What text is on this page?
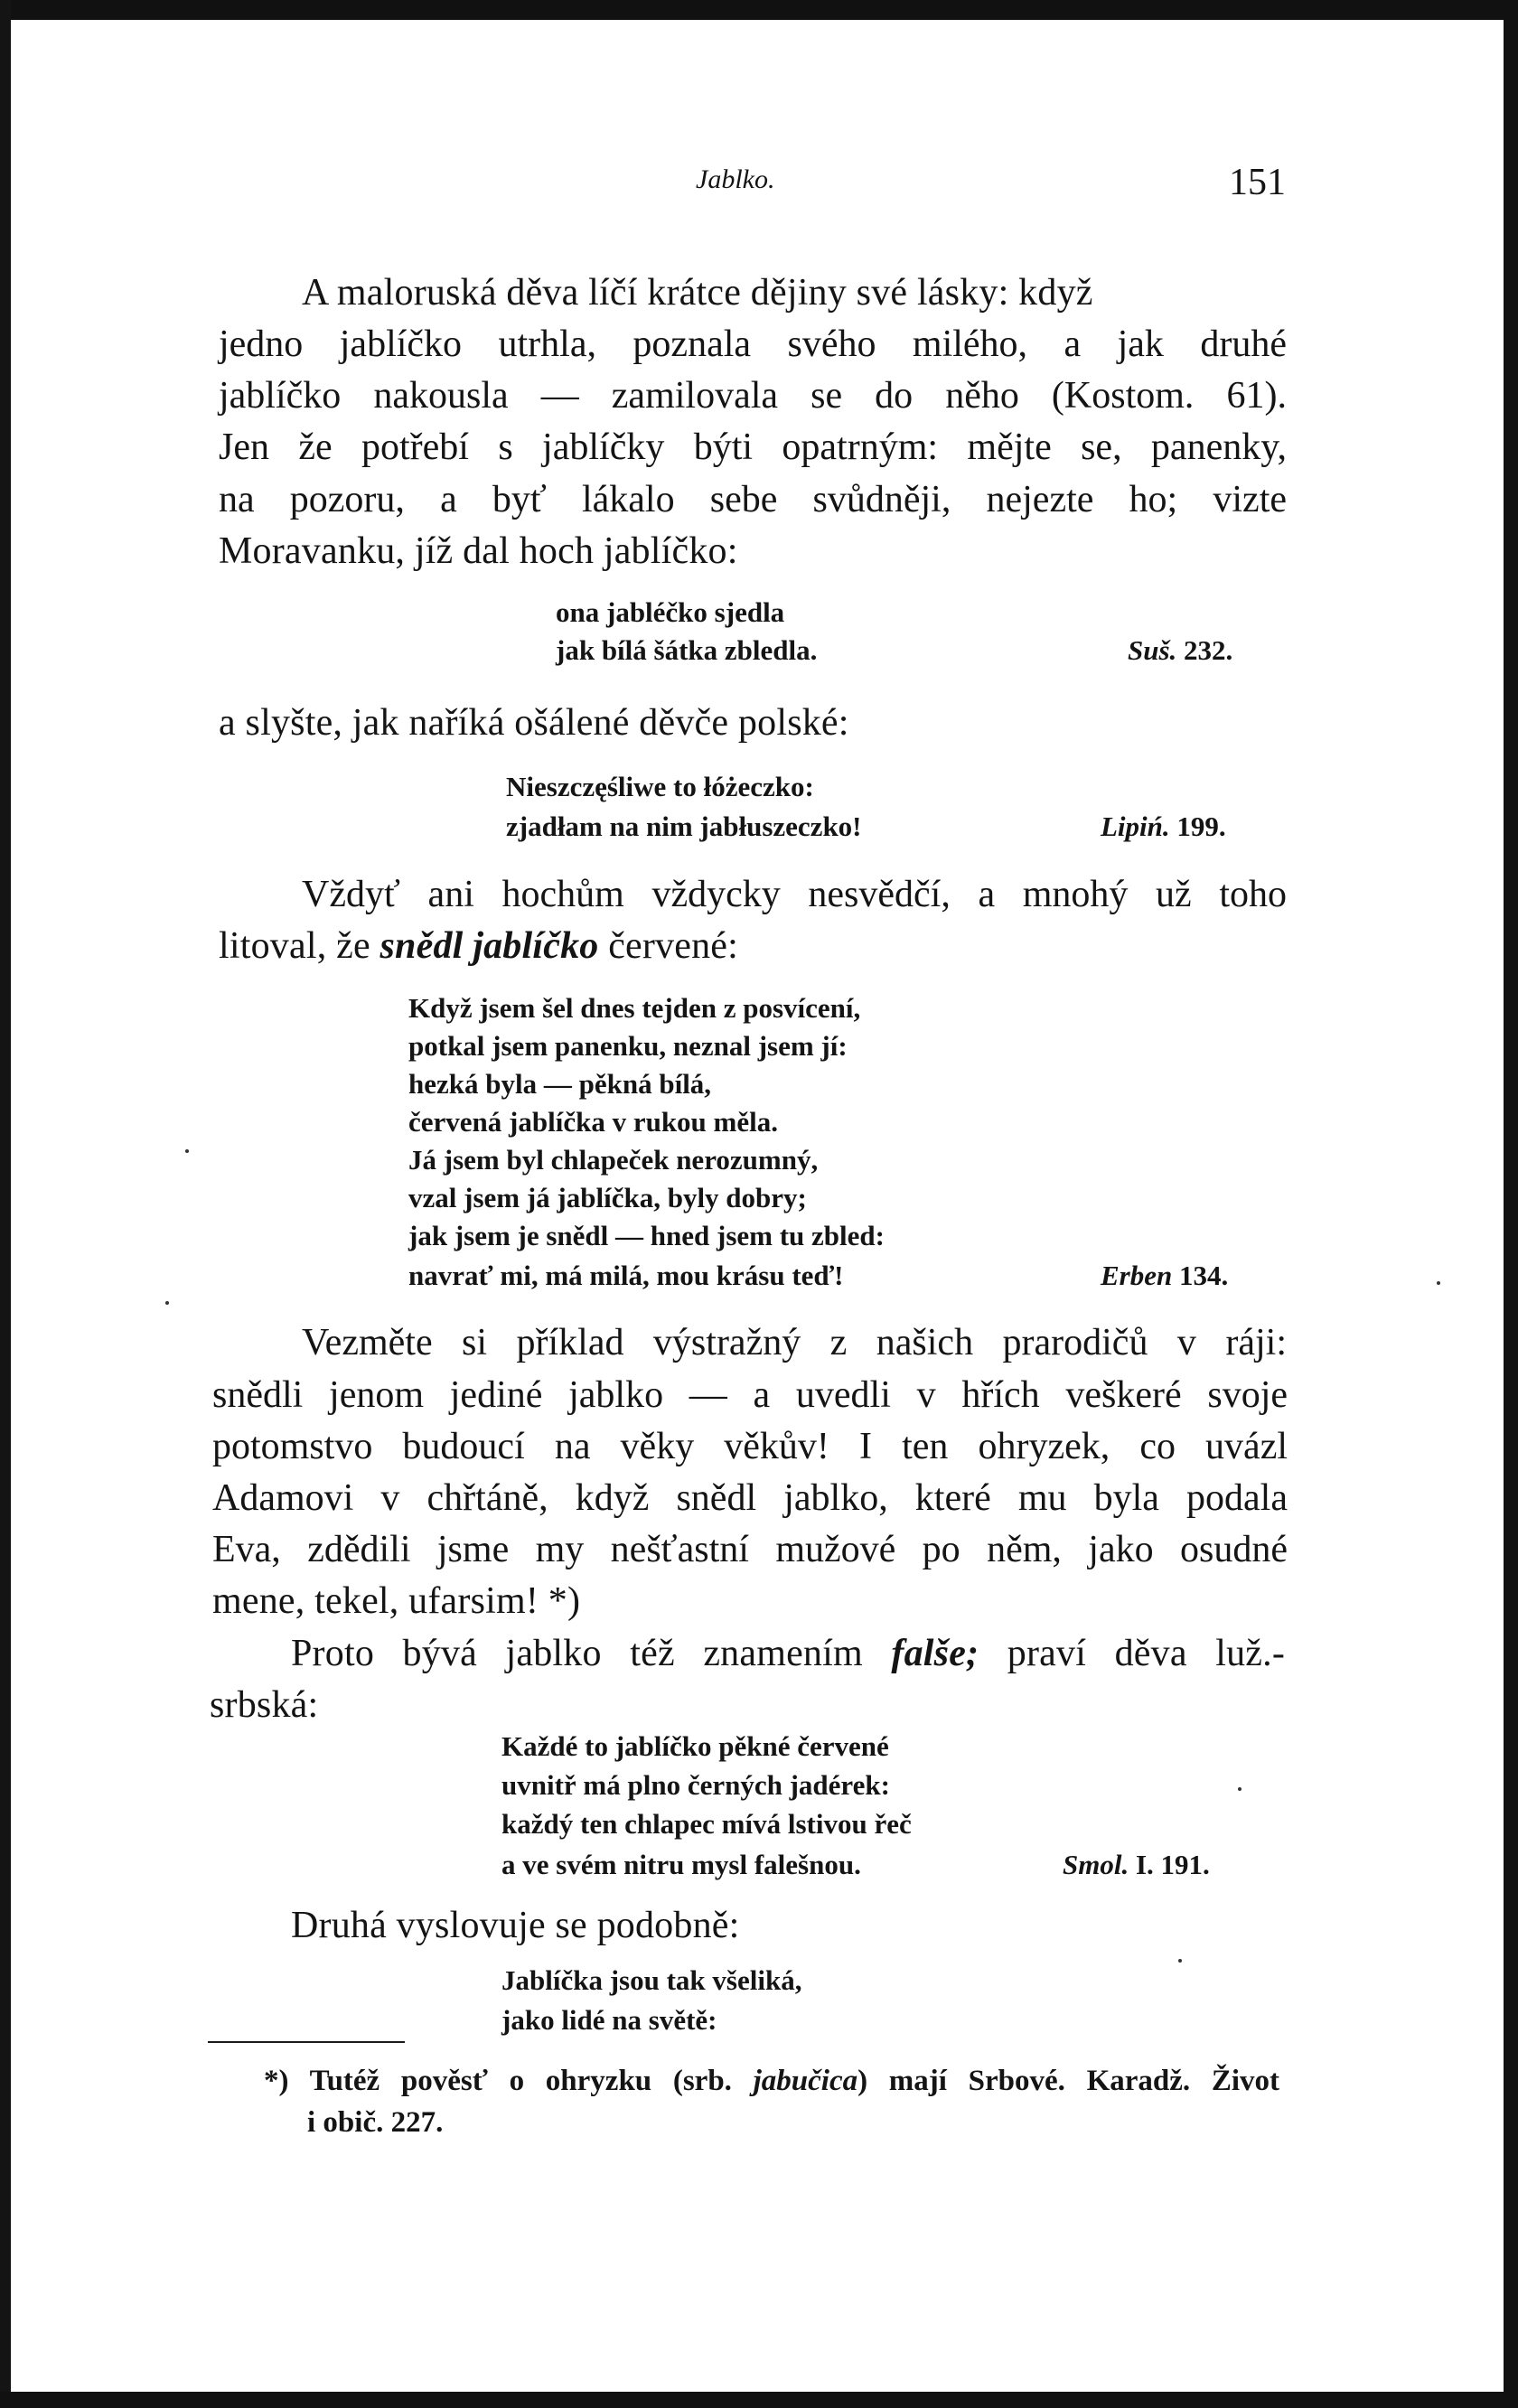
Jablko.	151
A maloruská děva líčí krátce dějiny své lásky: když
jedno jablíčko utrhla, poznala svého milého, a jak druhé
jablíčko nakousla — zamilovala se do něho (Kostom. 61).
Jen že potřebí s jablíčky býti opatrným: mějte se, panenky,
na pozoru, a byť lákalo sebe svůdněji, nejezte ho; vizte
Moravanku, jíž dal hoch jablíčko:
ona jabléčko sjedla
jak bílá šátka zbledla.	Suš. 232.
a slyšte, jak naříká ošálené děvče polské:
Nieszczęśliwe to łóżeczko:
zjadłam na nim jabłuszeczko!	Lipiń. 199.
Vždyť ani hochům vždycky nesvědčí, a mnohý už toho
litoval, že snědl jablíčko červené:
Když jsem šel dnes tejden z posvícení,
potkal jsem panenku, neznal jsem jí:
hezká byla — pěkná bílá,
červená jablíčka v rukou měla.
Já jsem byl chlapeček nerozumný,
vzal jsem já jablíčka, byly dobry;
jak jsem je snědl — hned jsem tu zbled:
navrať mi, má milá, mou krásu teď!	Erben 134.
Vezměte si příklad výstražný z našich prarodičů v ráji:
snědli jenom jediné jablko — a uvedli v hřích veškeré svoje
potomstvo budoucí na věky věkův! I ten ohryzek, co uvázl
Adamovi v chřtáně, když snědl jablko, které mu byla podala
Eva, zdědili jsme my nešťastní mužové po něm, jako osudné
mene, tekel, ufarsim! *)
Proto bývá jablko též znamením falše; praví děva luž.-
srbská:
Každé to jablíčko pěkné červené
uvnitř má plno černých jadérek:
každý ten chlapec mívá lstivou řeč
a ve svém nitru mysl falešnou.	Smol. I. 191.
Druhá vyslovuje se podobně:
Jablíčka jsou tak všeliká,
jako lidé na světě:
*) Tutéž pověsť o ohryzku (srb. jabučica) mají Srbové. Karadž. Život
i obič. 227.
